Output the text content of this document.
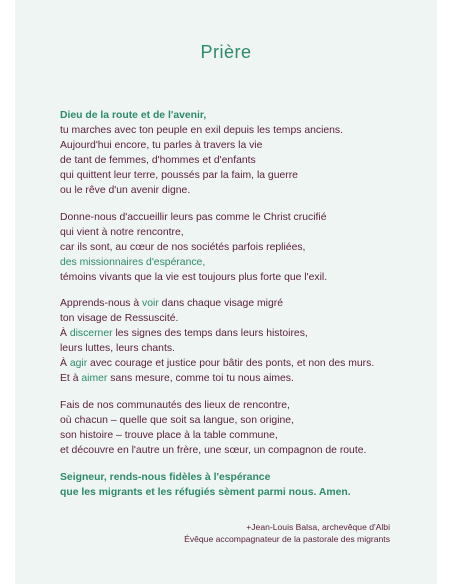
Prière
Dieu de la route et de l'avenir,
tu marches avec ton peuple en exil depuis les temps anciens.
Aujourd'hui encore, tu parles à travers la vie
de tant de femmes, d'hommes et d'enfants
qui quittent leur terre, poussés par la faim, la guerre
ou le rêve d'un avenir digne.
Donne-nous d'accueillir leurs pas comme le Christ crucifié
qui vient à notre rencontre,
car ils sont, au cœur de nos sociétés parfois repliées,
des missionnaires d'espérance,
témoins vivants que la vie est toujours plus forte que l'exil.
Apprends-nous à voir dans chaque visage migré
ton visage de Ressuscité.
À discerner les signes des temps dans leurs histoires,
leurs luttes, leurs chants.
À agir avec courage et justice pour bâtir des ponts, et non des murs.
Et à aimer sans mesure, comme toi tu nous aimes.
Fais de nos communautés des lieux de rencontre,
où chacun – quelle que soit sa langue, son origine,
son histoire – trouve place à la table commune,
et découvre en l'autre un frère, une sœur, un compagnon de route.
Seigneur, rends-nous fidèles à l'espérance
que les migrants et les réfugiés sèment parmi nous. Amen.
+Jean-Louis Balsa, archevêque d'Albi
Évêque accompagnateur de la pastorale des migrants
